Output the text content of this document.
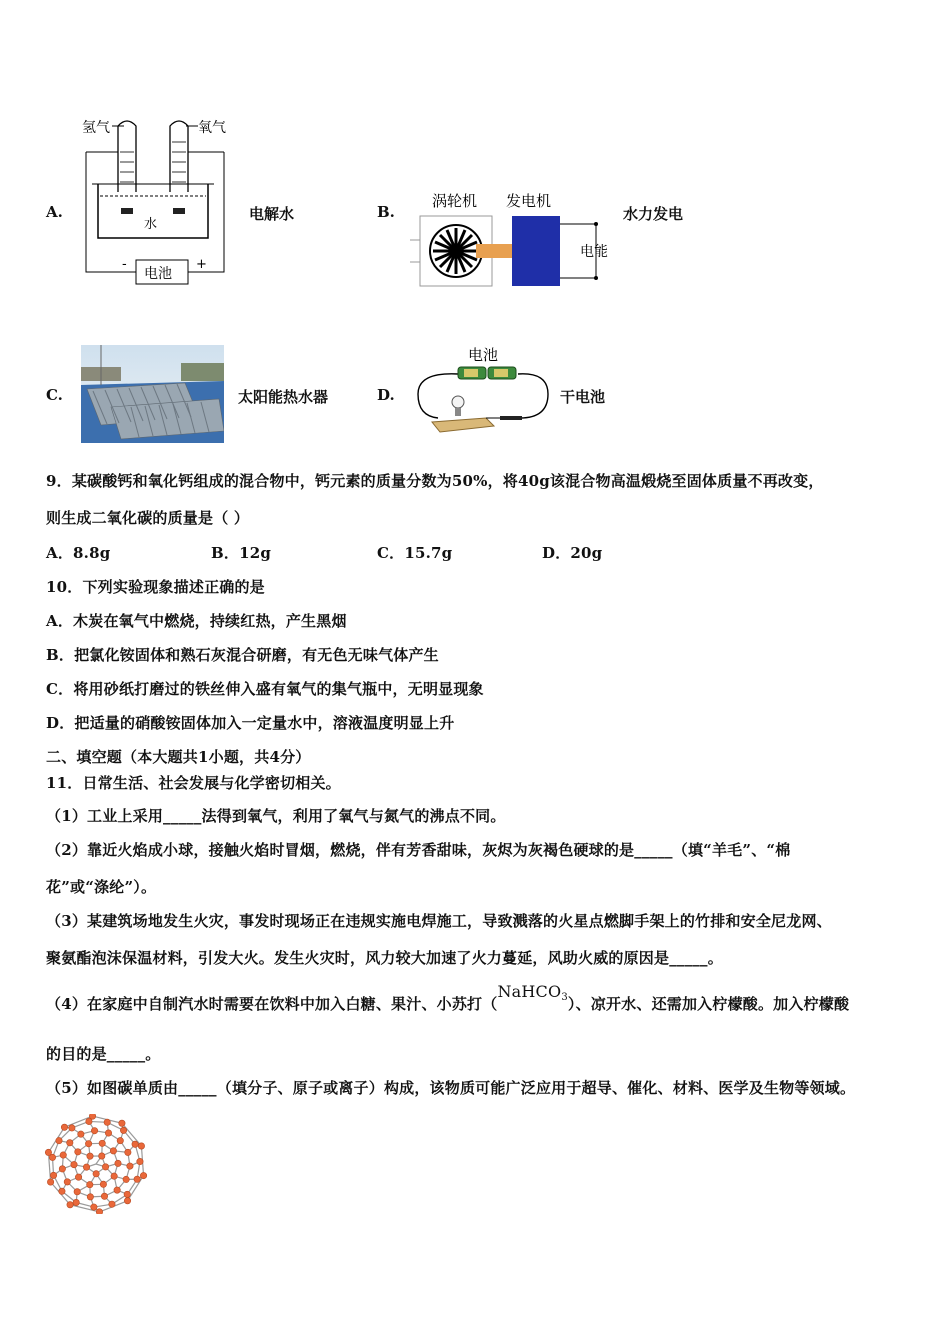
A.
氢气	氧气
水
电池
-	+
电解水	B.
涡轮机 发电机
电能
水力发电
C.	太阳能热水器	D.
电池
干电池
9．某碳酸钙和氧化钙组成的混合物中，钙元素的质量分数为50%，将40g该混合物高温煅烧至固体质量不再改变，
则生成二氧化碳的质量是（ ）
A．8.8g	B．12g	C．15.7g	D．20g
10．下列实验现象描述正确的是
A．木炭在氧气中燃烧，持续红热，产生黑烟
B．把氯化铵固体和熟石灰混合研磨，有无色无味气体产生
C．将用砂纸打磨过的铁丝伸入盛有氧气的集气瓶中，无明显现象
D．把适量的硝酸铵固体加入一定量水中，溶液温度明显上升
二、填空题（本大题共1小题，共4分）
11．日常生活、社会发展与化学密切相关。
（1）工业上采用_____法得到氧气，利用了氧气与氮气的沸点不同。
（2）靠近火焰成小球，接触火焰时冒烟，燃烧，伴有芳香甜味，灰烬为灰褐色硬球的是_____（填“羊毛”、“棉
花”或“涤纶”）。
（3）某建筑场地发生火灾，事发时现场正在违规实施电焊施工，导致溅落的火星点燃脚手架上的竹排和安全尼龙网、
聚氨酯泡沫保温材料，引发大火。发生火灾时，风力较大加速了火力蔓延，风助火威的原因是_____。
（4）在家庭中自制汽水时需要在饮料中加入白糖、果汁、小苏打（NaHCO$_3$）、凉开水、还需加入柠檬酸。加入柠檬酸
的目的是_____。
（5）如图碳单质由_____（填分子、原子或离子）构成，该物质可能广泛应用于超导、催化、材料、医学及生物等领域。
